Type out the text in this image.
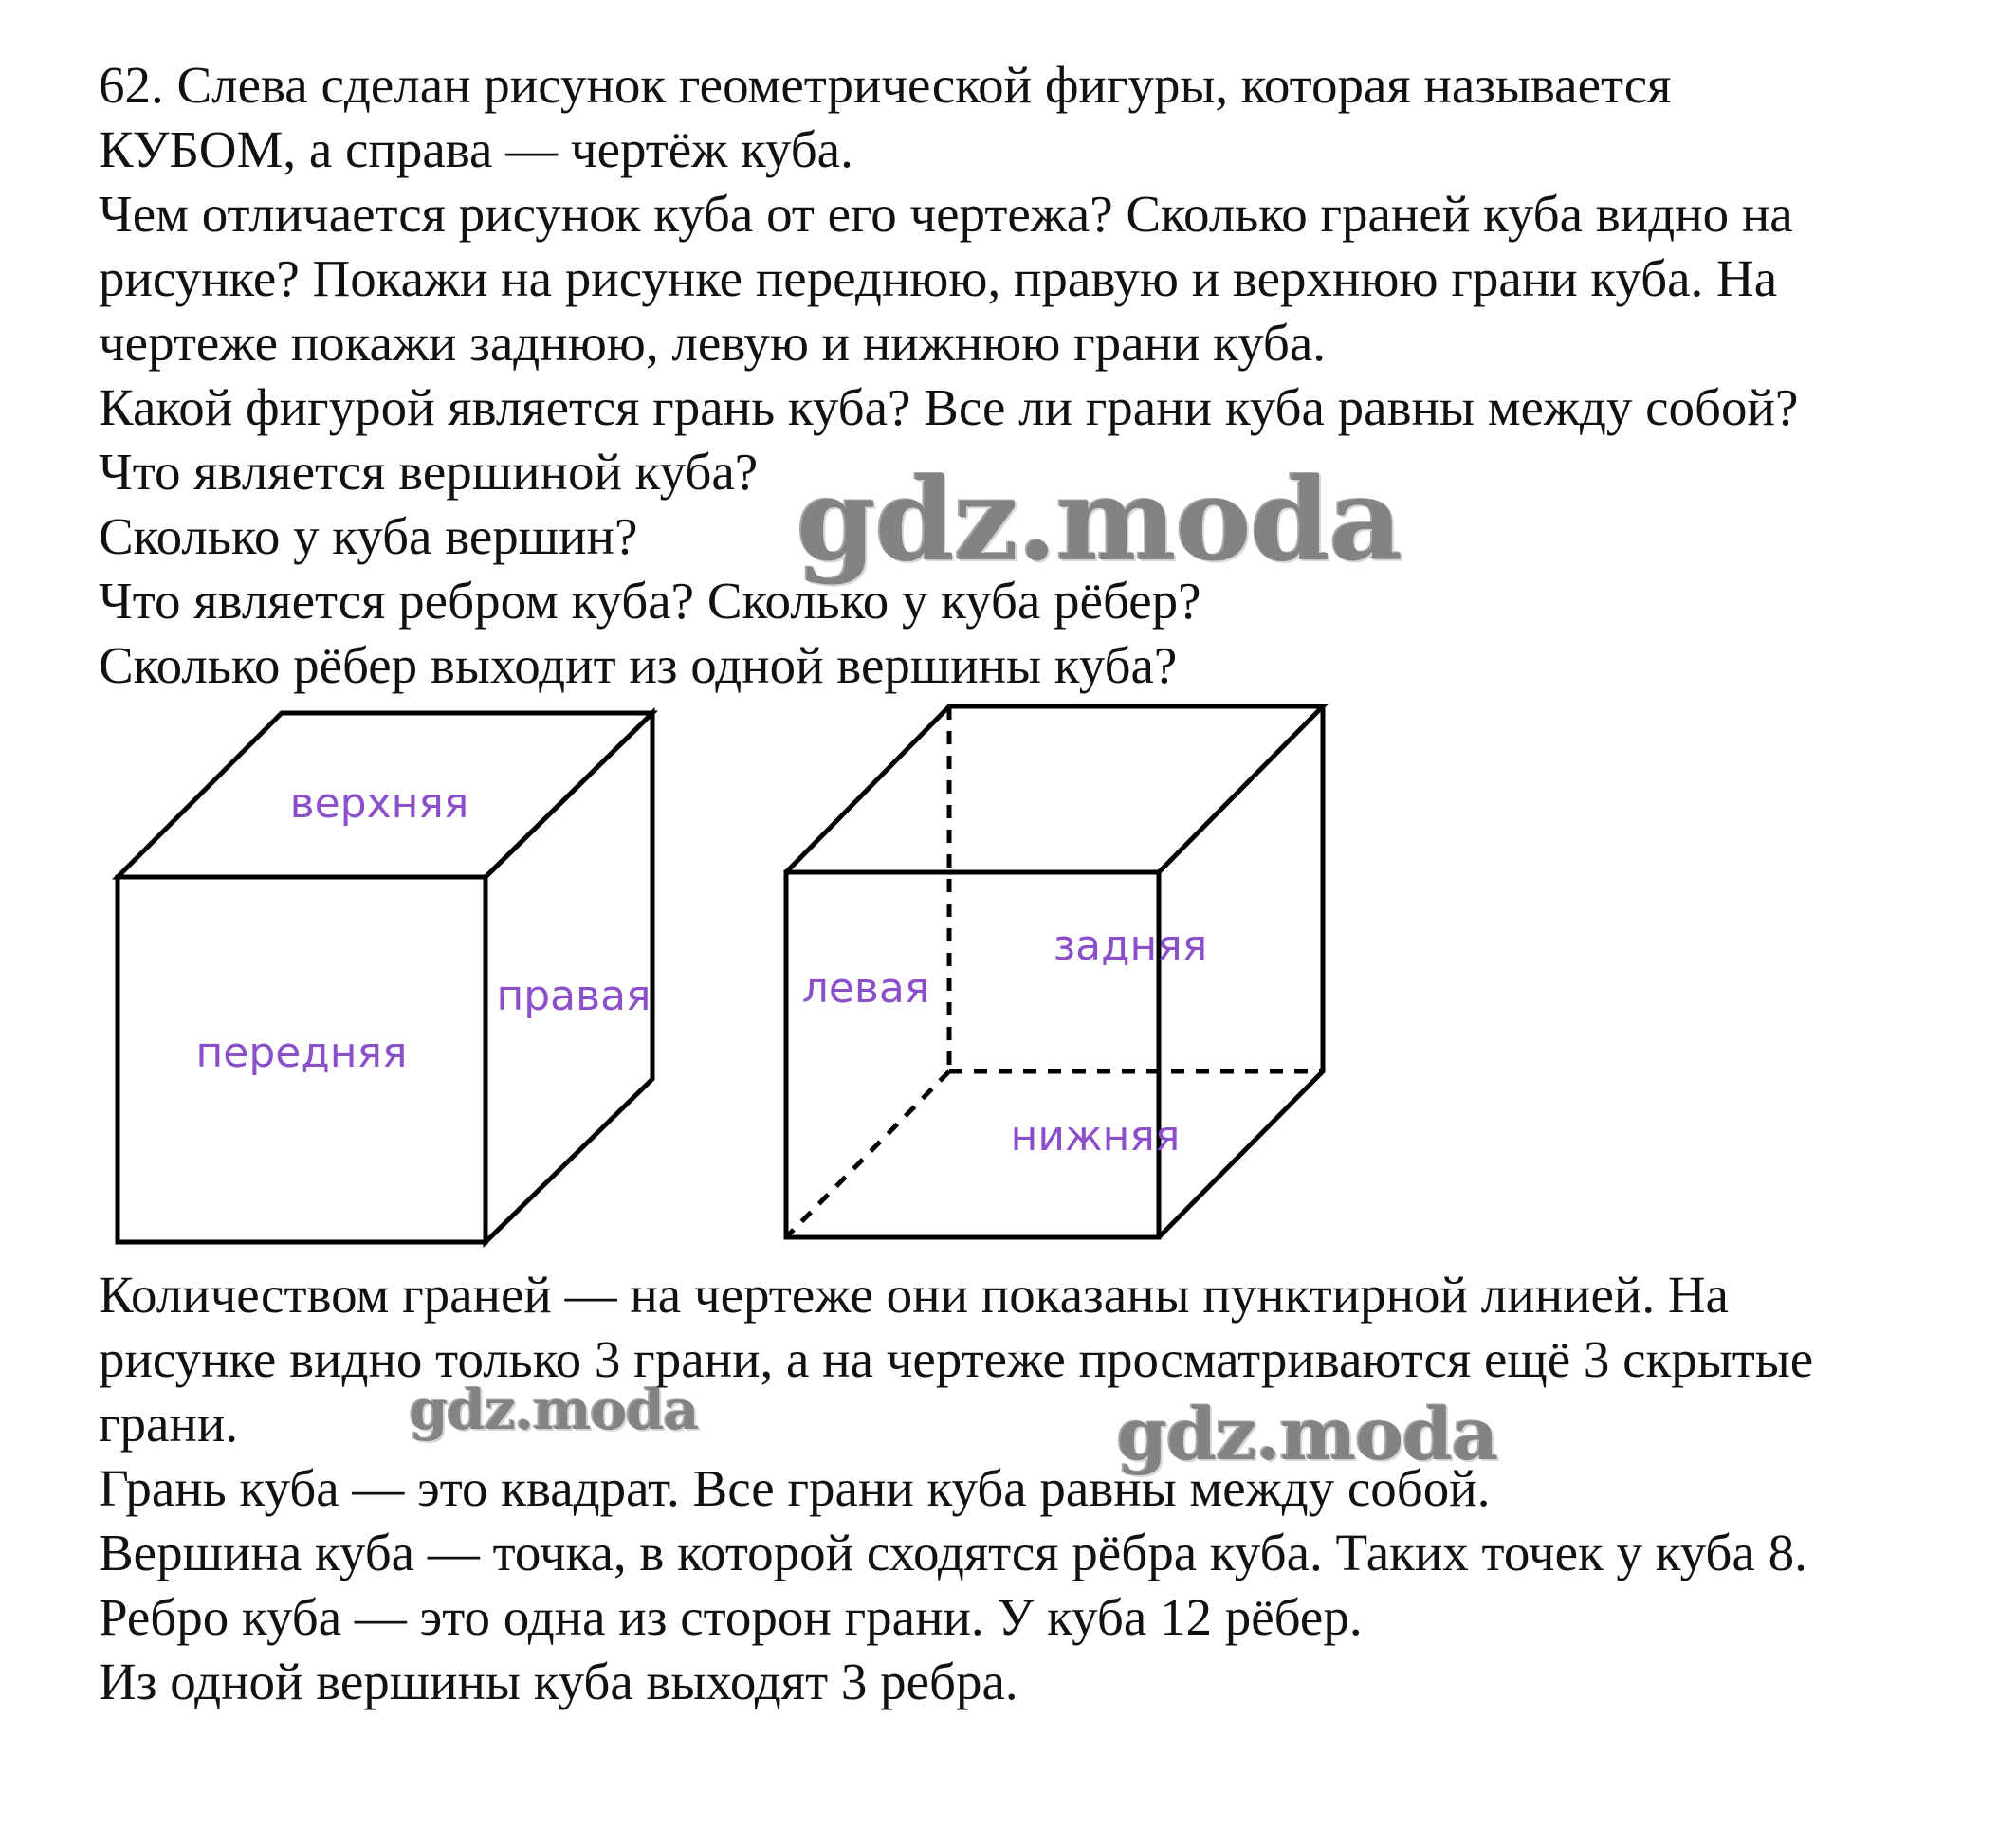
62. Слева сделан рисунок геометрической фигуры, которая называется
КУБОМ, а справа — чертёж куба.
Чем отличается рисунок куба от его чертежа? Сколько граней куба видно на
рисунке? Покажи на рисунке переднюю, правую и верхнюю грани куба. На
чертеже покажи заднюю, левую и нижнюю грани куба.
Какой фигурой является грань куба? Все ли грани куба равны между собой?
Что является вершиной куба?
Сколько у куба вершин?
Что является ребром куба? Сколько у куба рёбер?
Сколько рёбер выходит из одной вершины куба?
верхняя
правая
передняя
левая
задняя
нижняя
Количеством граней — на чертеже они показаны пунктирной линией. На
рисунке видно только 3 грани, а на чертеже просматриваются ещё 3 скрытые
грани.
Грань куба — это квадрат. Все грани куба равны между собой.
Вершина куба — точка, в которой сходятся рёбра куба. Таких точек у куба 8.
Ребро куба — это одна из сторон грани. У куба 12 рёбер.
Из одной вершины куба выходят 3 ребра.
gdz.moda
gdz.moda	gdz.moda
